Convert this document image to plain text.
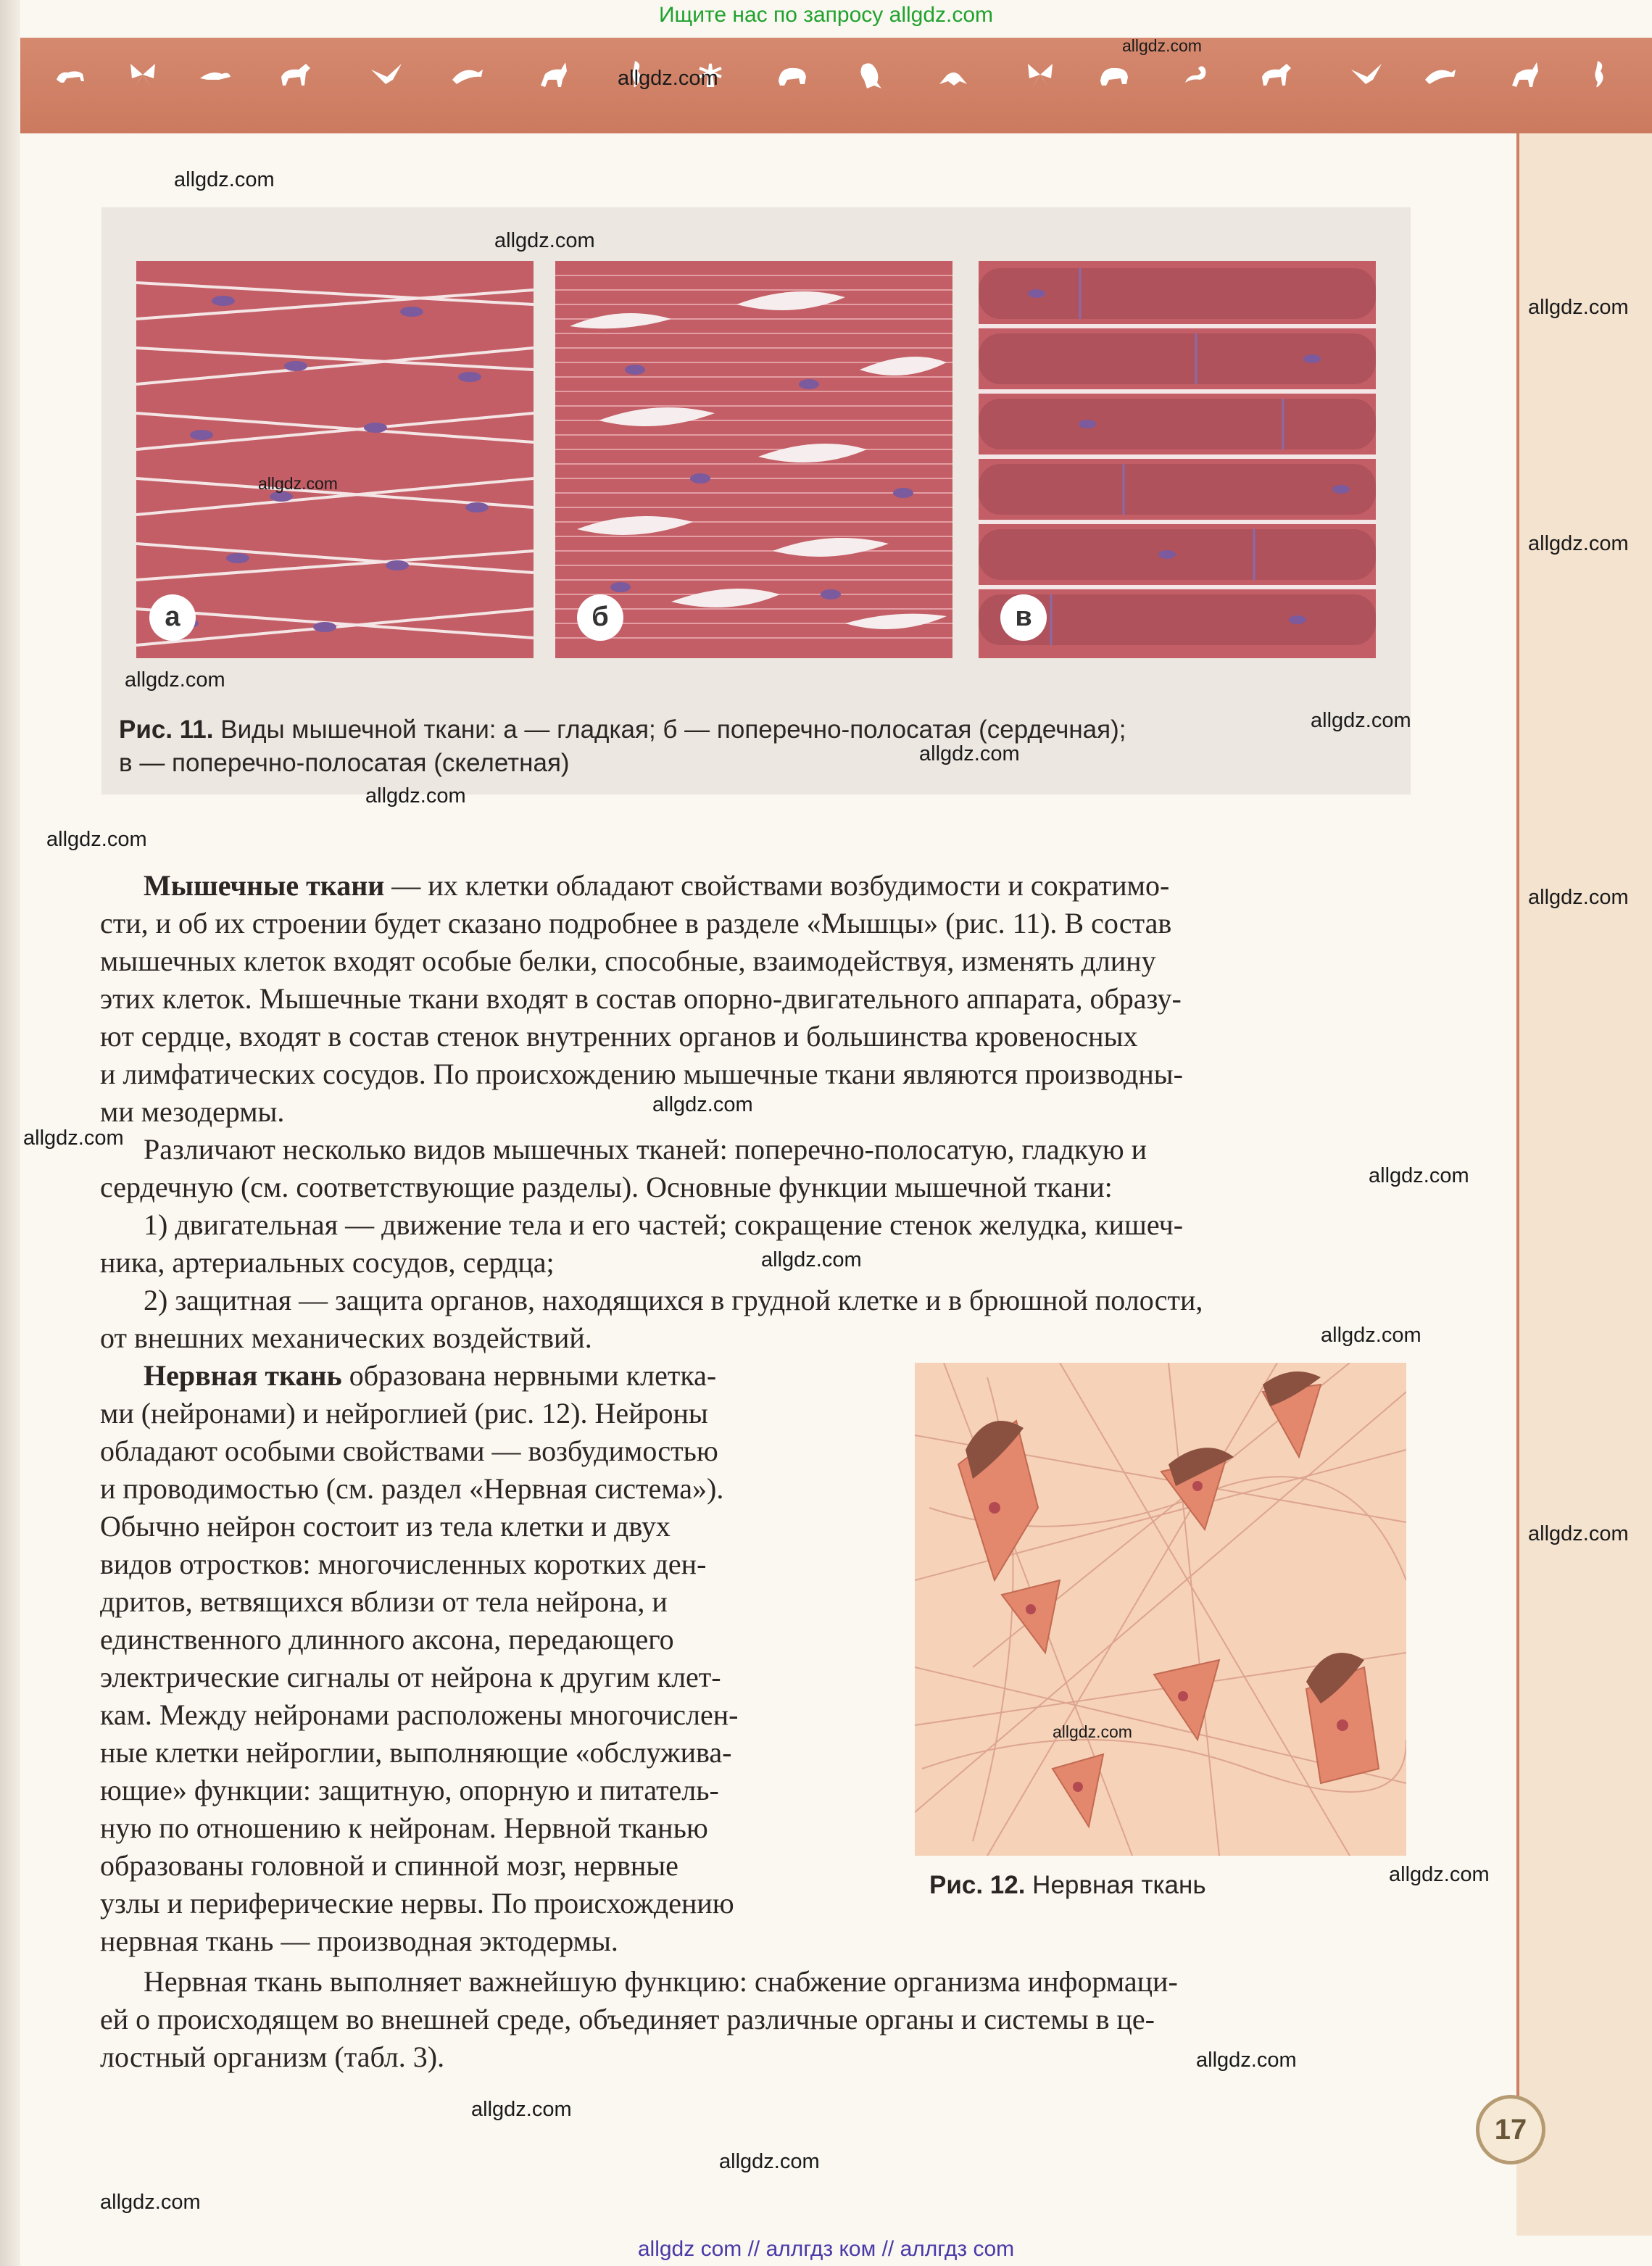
Ищите нас по запросу allgdz.com
а	б	в
Рис. 11. Виды мышечной ткани: а — гладкая; б — поперечно-полосатая (сердечная);
в — поперечно-полосатая (скелетная)
Мышечные ткани — их клетки обладают свойствами возбудимости и сократимо-
сти, и об их строении будет сказано подробнее в разделе «Мышцы» (рис. 11). В состав
мышечных клеток входят особые белки, способные, взаимодействуя, изменять длину
этих клеток. Мышечные ткани входят в состав опорно-двигательного аппарата, образу-
ют сердце, входят в состав стенок внутренних органов и большинства кровеносных
и лимфатических сосудов. По происхождению мышечные ткани являются производны-
ми мезодермы.
Различают несколько видов мышечных тканей: поперечно-полосатую, гладкую и
сердечную (см. соответствующие разделы). Основные функции мышечной ткани:
1) двигательная — движение тела и его частей; сокращение стенок желудка, кишеч-
ника, артериальных сосудов, сердца;
2) защитная — защита органов, находящихся в грудной клетке и в брюшной полости,
от внешних механических воздействий.
Нервная ткань образована нервными клетка-
ми (нейронами) и нейроглией (рис. 12). Нейроны
обладают особыми свойствами — возбудимостью
и проводимостью (см. раздел «Нервная система»).
Обычно нейрон состоит из тела клетки и двух
видов отростков: многочисленных коротких ден-
дритов, ветвящихся вблизи от тела нейрона, и
единственного длинного аксона, передающего
электрические сигналы от нейрона к другим клет-
кам. Между нейронами расположены многочислен-
ные клетки нейроглии, выполняющие «обслужива-
ющие» функции: защитную, опорную и питатель-
ную по отношению к нейронам. Нервной тканью
образованы головной и спинной мозг, нервные
узлы и периферические нервы. По происхождению
нервная ткань — производная эктодермы.
Нервная ткань выполняет важнейшую функцию: снабжение организма информаци-
ей о происходящем во внешней среде, объединяет различные органы и системы в це-
лостный организм (табл. 3).
Рис. 12. Нервная ткань
17
allgdz.com
allgdz.com
allgdz.com
allgdz.com
allgdz.com
allgdz.com
allgdz.com
allgdz.com
allgdz.com
allgdz.com
allgdz.com
allgdz.com
allgdz.com
allgdz.com
allgdz.com
allgdz.com
allgdz.com
allgdz.com
allgdz.com
allgdz.com
allgdz.com
allgdz.com
allgdz.com
allgdz.com
allgdz.com
allgdz com // аллгдз ком // аллгдз com
